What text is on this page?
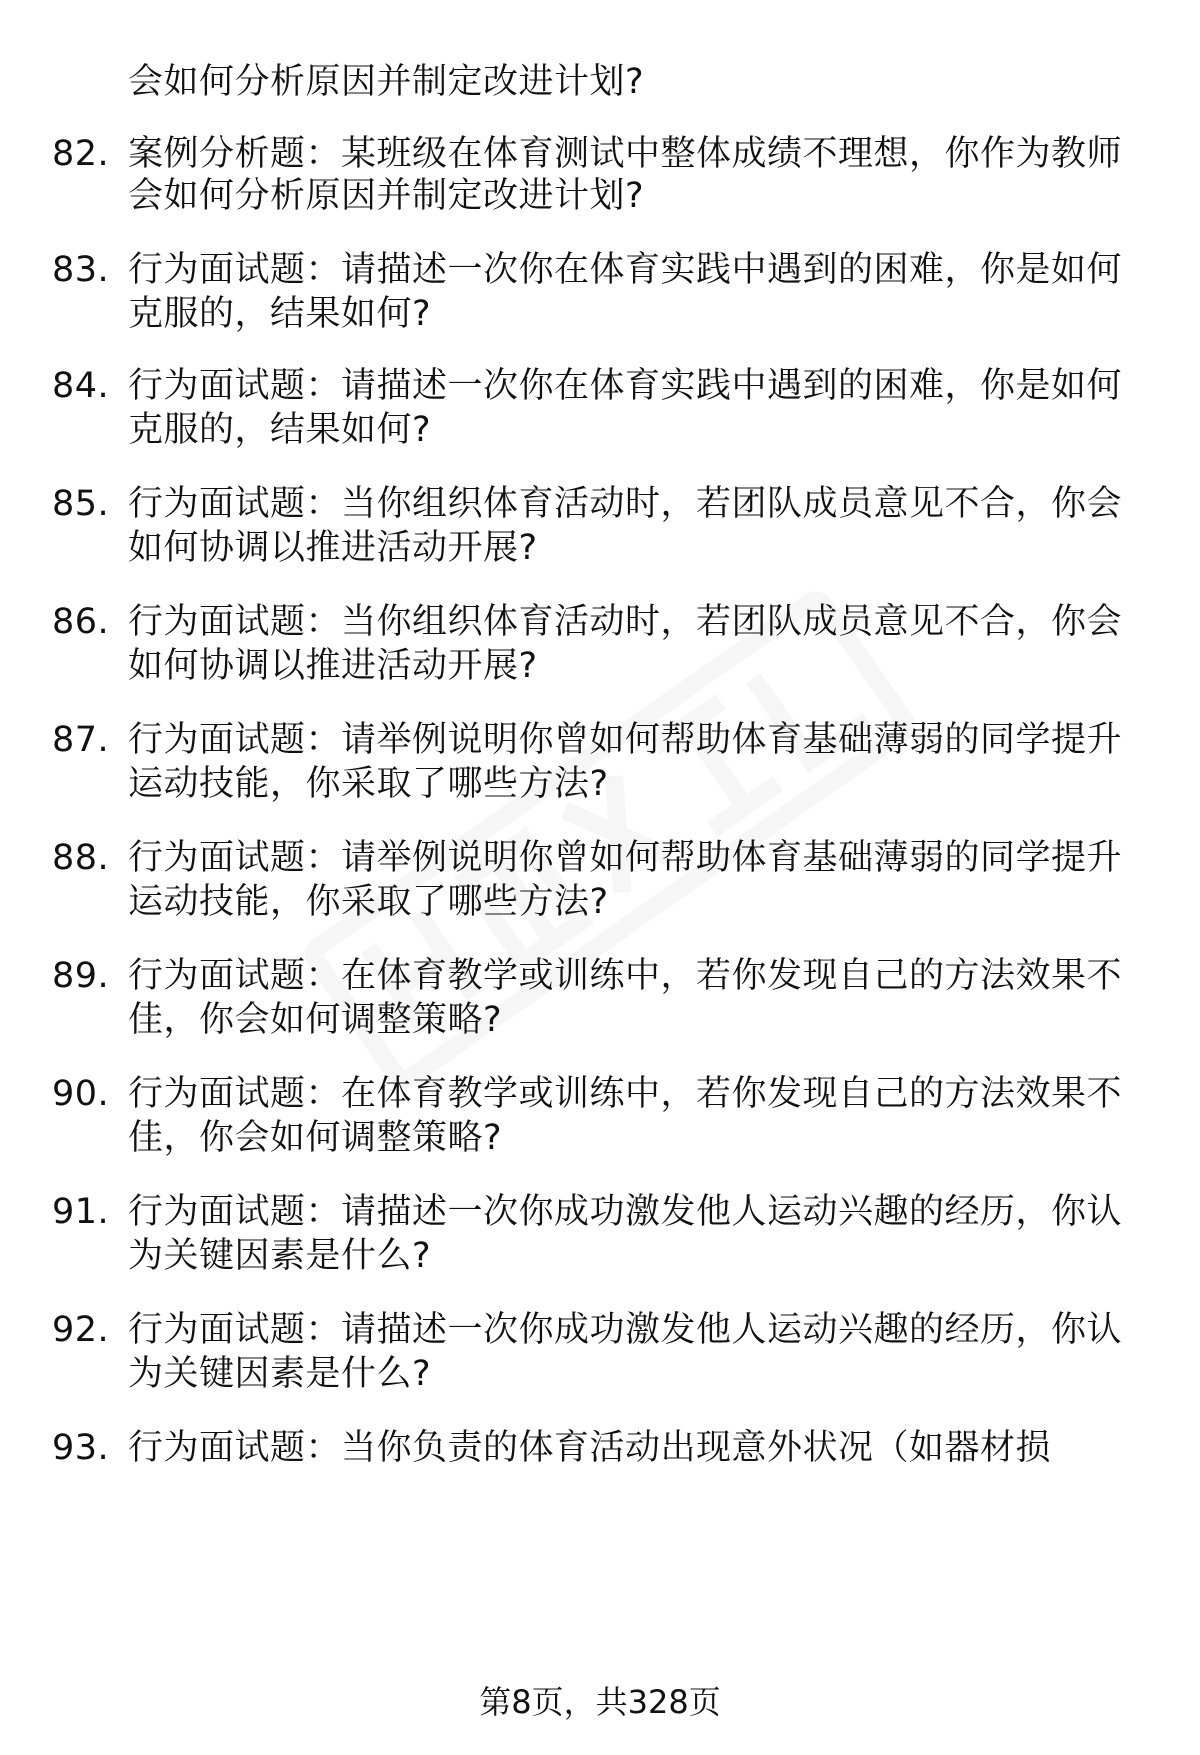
会如何分析原因并制定改进计划?
82. 案例分析题：某班级在体育测试中整体成绩不理想，你作为教师
会如何分析原因并制定改进计划?
83. 行为面试题：请描述一次你在体育实践中遇到的困难，你是如何
克服的，结果如何?
84. 行为面试题：请描述一次你在体育实践中遇到的困难，你是如何
克服的，结果如何?
85. 行为面试题：当你组织体育活动时，若团队成员意见不合，你会
如何协调以推进活动开展?
86. 行为面试题：当你组织体育活动时，若团队成员意见不合，你会
如何协调以推进活动开展?
87. 行为面试题：请举例说明你曾如何帮助体育基础薄弱的同学提升
运动技能，你采取了哪些方法?
88. 行为面试题：请举例说明你曾如何帮助体育基础薄弱的同学提升
运动技能，你采取了哪些方法?
89. 行为面试题：在体育教学或训练中，若你发现自己的方法效果不
佳，你会如何调整策略?
90. 行为面试题：在体育教学或训练中，若你发现自己的方法效果不
佳，你会如何调整策略?
91. 行为面试题：请描述一次你成功激发他人运动兴趣的经历，你认
为关键因素是什么?
92. 行为面试题：请描述一次你成功激发他人运动兴趣的经历，你认
为关键因素是什么?
93. 行为面试题：当你负责的体育活动出现意外状况（如器材损
第8页，共328页
